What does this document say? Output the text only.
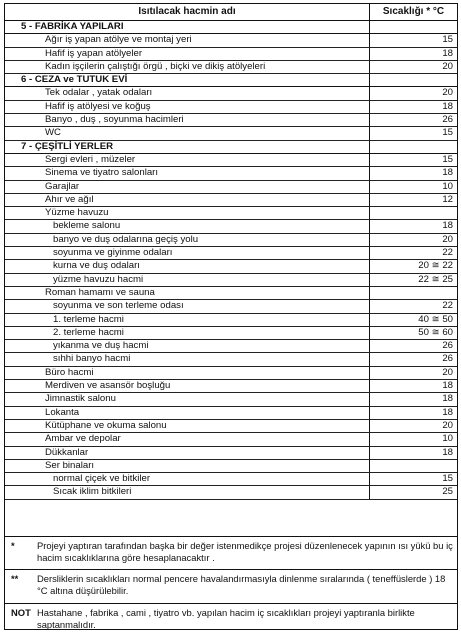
Isıtılacak hacmin adı	Sıcaklığı * °C
5 - FABRİKA YAPILARI
Ağır iş yapan atölye ve montaj yeri	15
Hafif iş yapan atölyeler	18
Kadın işçilerin çalıştığı örgü , biçki ve dikiş atölyeleri	20
6 - CEZA ve TUTUK EVİ
Tek odalar , yatak odaları	20
Hafif iş atölyesi ve koğuş	18
Banyo , duş , soyunma hacimleri	26
WC	15
7 - ÇEŞİTLİ YERLER
Sergi evleri , müzeler	15
Sinema ve tiyatro salonları	18
Garajlar	10
Ahır ve ağıl	12
Yüzme havuzu
bekleme salonu	18
banyo ve duş odalarına geçiş yolu	20
soyunma ve giyinme odaları	22
kurna ve duş odaları	20 ≅ 22
yüzme havuzu hacmi	22 ≅ 25
Roman hamamı ve sauna
soyunma ve son terleme odası	22
1. terleme hacmi	40 ≅ 50
2. terleme hacmi	50 ≅ 60
yıkanma ve duş hacmi	26
sıhhi banyo hacmi	26
Büro hacmi	20
Merdiven ve asansör boşluğu	18
Jimnastik salonu	18
Lokanta	18
Kütüphane ve okuma salonu	20
Ambar ve depolar	10
Dükkanlar	18
Ser binaları
normal çiçek ve bitkiler	15
Sıcak iklim bitkileri	25
* Projeyi yaptıran tarafından başka bir değer istenmedikçe projesi düzenlenecek yapının ısı yükü bu iç hacim sıcaklıklarına göre hesaplanacaktır .
** Dersliklerin sıcaklıkları normal pencere havalandırmasıyla dinlenme sıralarında ( teneffüslerde ) 18 °C altına düşürülebilir.
NOT Hastahane , fabrika , cami , tiyatro vb. yapılan hacim iç sıcaklıkları projeyi yaptıranla birlikte saptanmalıdır.
